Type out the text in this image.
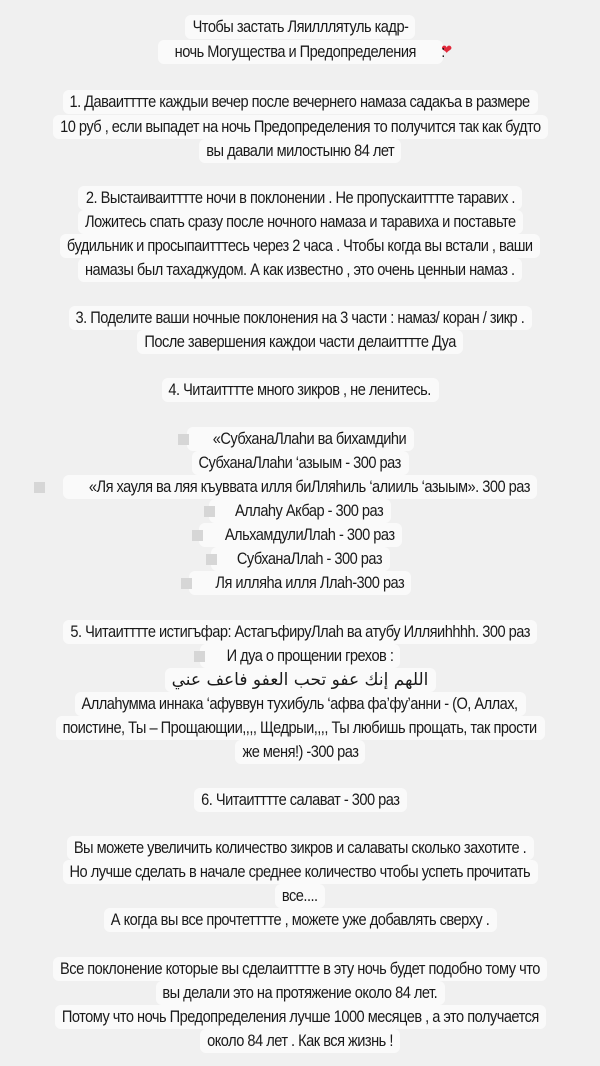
Чтобы застать Ляилллятуль кадр-
ночь Могущества и Предопределения :
1. Даваитттте каждыи вечер после вечернего намаза садакъа в размере
10 руб , если выпадет на ночь Предопределения то получится так как будто
вы давали милостыню 84 лет
2. Выстаиваитттте ночи в поклонении . Не пропускаитттте таравих .
Ложитесь спать сразу после ночного намаза и таравиха и поставьте
будильник и просыпаитттесь через 2 часа . Чтобы когда вы встали , ваши
намазы был тахаджудом. А как известно , это очень ценныи намаз .
3. Поделите ваши ночные поклонения на 3 части : намаз/ коран / зикр .
После завершения каждои части делаитттте Дуа
4. Читаитттте много зикров , не ленитесь.
«СубханаЛлаhи ва бихамдиhи
СубханаЛлаhи ‘азыым - 300 раз
«Ля хауля ва ляя къуввата илля биЛляhиль ‘алииль ‘азыым». 300 раз
Аллаhу Акбар - 300 раз
АльхамдулиЛлаh - 300 раз
СубханаЛлаh - 300 раз
Ля илляhа илля Ллаh-300 раз
5. Читаитттте истигъфар: АстагъфируЛлаh ва атубу Илляиhhhh. 300 раз
И дуа о прощении грехов :
اللهم إنك عفو تحب العفو فاعف عني
Аллаhумма иннака ‘афуввун тухибуль ‘афва фа’фу’анни - (О, Аллах,
поистине, Ты – Прощающии,,,, Щедрыи,,,, Ты любишь прощать, так прости
же меня!) -300 раз
6. Читаитттте салават - 300 раз
Вы можете увеличить количество зикров и салаваты сколько захотите .
Но лучше сделать в начале среднее количество чтобы успеть прочитать
все....
А когда вы все прочтетттте , можете уже добавлять сверху .
Все поклонение которые вы сделаитттте в эту ночь будет подобно тому что
вы делали это на протяжение около 84 лет.
Потому что ночь Предопределения лучше 1000 месяцев , а это получается
около 84 лет . Как вся жизнь !
